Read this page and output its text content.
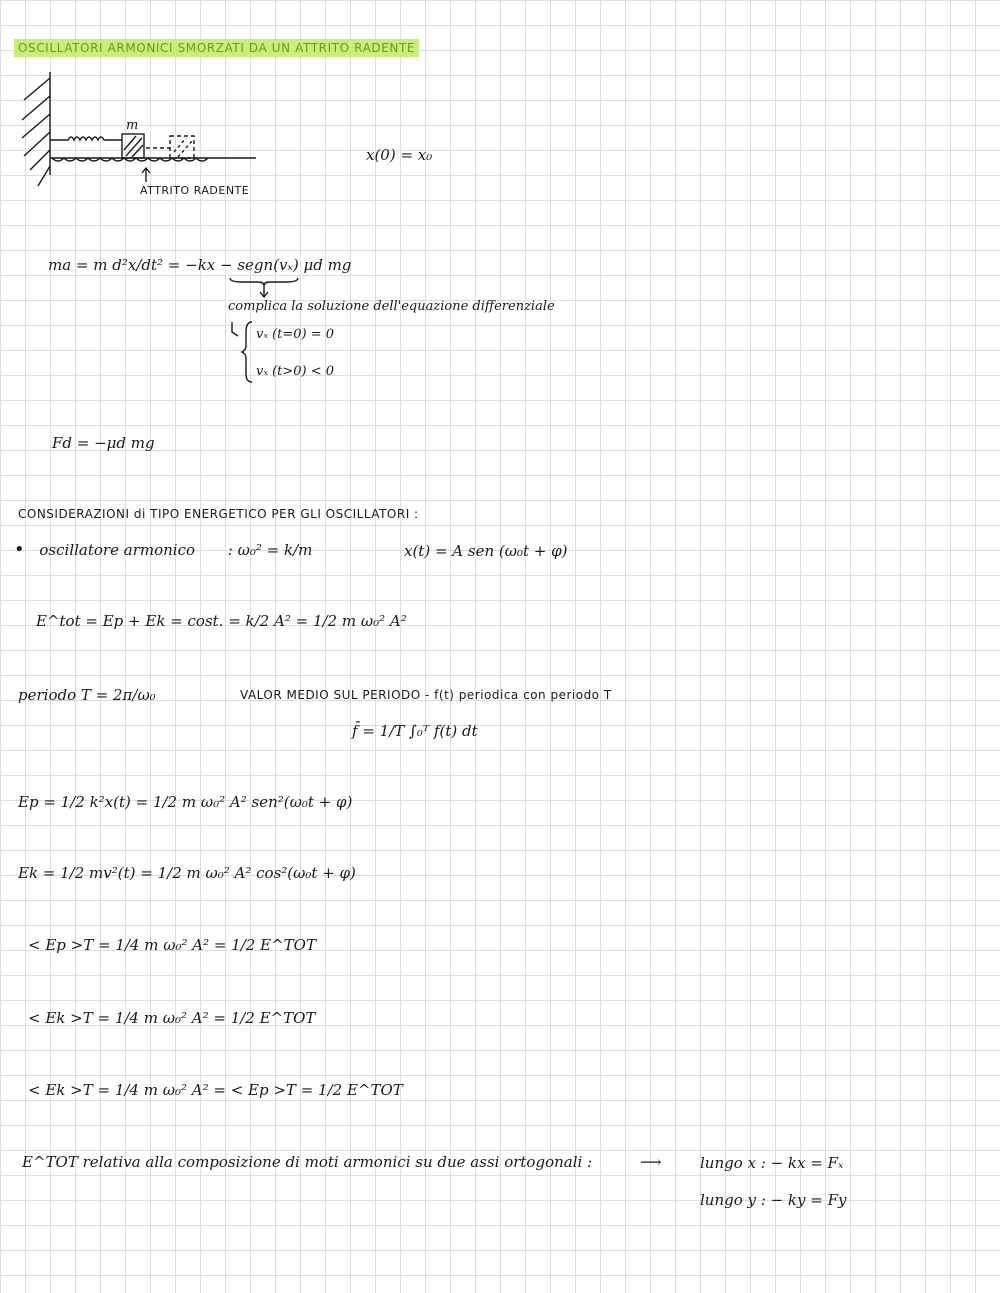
OSCILLATORI ARMONICI SMORZATI DA UN ATTRITO RADENTE
m
ATTRITO RADENTE
x(0) = x₀
ma = m d²x/dt² = −kx − segn(vₓ) μd mg
complica la soluzione dell'equazione differenziale
vₓ (t=0) = 0
vₓ (t>0) < 0
Fd = −μd mg
CONSIDERAZIONI di TIPO ENERGETICO PER GLI OSCILLATORI :
• oscillatore armonico : ω₀² = k/m	x(t) = A sen (ω₀t + φ)
E^tot = Ep + Ek = cost. = k/2 A² = 1/2 m ω₀² A²
periodo T = 2π/ω₀	VALOR MEDIO SUL PERIODO - f(t) periodica con periodo T
f̄ = 1/T ∫₀ᵀ f(t) dt
Ep = 1/2 k²x(t) = 1/2 m ω₀² A² sen²(ω₀t + φ)
Ek = 1/2 mv²(t) = 1/2 m ω₀² A² cos²(ω₀t + φ)
< Ep >T = 1/4 m ω₀² A² = 1/2 E^TOT
< Ek >T = 1/4 m ω₀² A² = 1/2 E^TOT
< Ek >T = 1/4 m ω₀² A² = < Ep >T = 1/2 E^TOT
E^TOT relativa alla composizione di moti armonici su due assi ortogonali :	⟶	lungo x : − kx = Fₓ
lungo y : − ky = Fy
